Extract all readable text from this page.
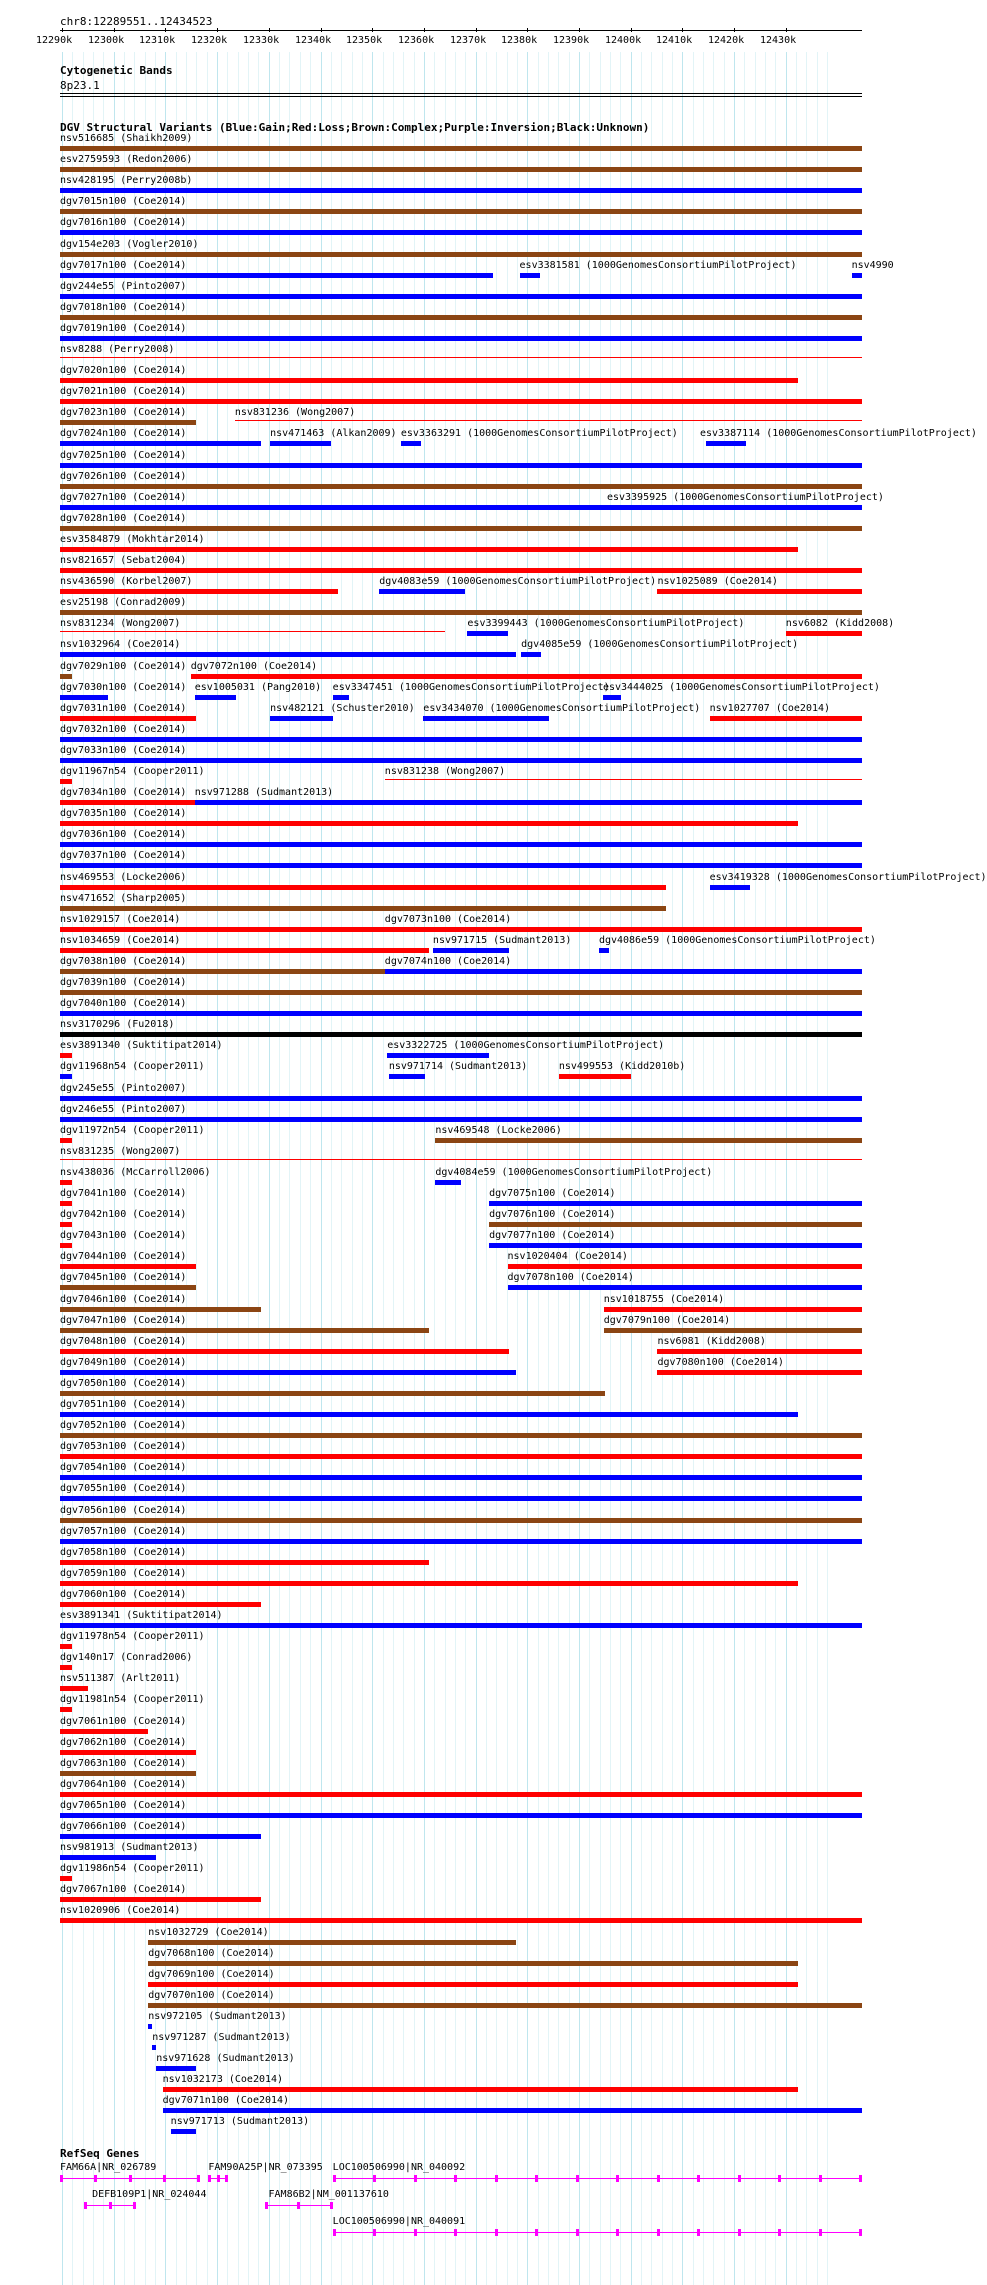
chr8:12289551..12434523
12290k 12300k 12310k 12320k 12330k 12340k 12350k 12360k 12370k 12380k 12390k 12400k 12410k 12420k 12430k
Cytogenetic Bands
8p23.1
DGV Structural Variants (Blue:Gain;Red:Loss;Brown:Complex;Purple:Inversion;Black:Unknown)
nsv516685 (Shaikh2009)
esv2759593 (Redon2006)
nsv428195 (Perry2008b)
dgv7015n100 (Coe2014)
dgv7016n100 (Coe2014)
dgv154e203 (Vogler2010)
dgv7017n100 (Coe2014)	esv3381581 (1000GenomesConsortiumPilotProject)	nsv4990
dgv244e55 (Pinto2007)
dgv7018n100 (Coe2014)
dgv7019n100 (Coe2014)
nsv8288 (Perry2008)
dgv7020n100 (Coe2014)
dgv7021n100 (Coe2014)
dgv7023n100 (Coe2014)	nsv831236 (Wong2007)
dgv7024n100 (Coe2014)	nsv471463 (Alkan2009) esv3363291 (1000GenomesConsortiumPilotProject) esv3387114 (1000GenomesConsortiumPilotProject)
dgv7025n100 (Coe2014)
dgv7026n100 (Coe2014)
dgv7027n100 (Coe2014)	esv3395925 (1000GenomesConsortiumPilotProject)
dgv7028n100 (Coe2014)
esv3584879 (Mokhtar2014)
nsv821657 (Sebat2004)
nsv436590 (Korbel2007)	dgv4083e59 (1000GenomesConsortiumPilotProject) nsv1025089 (Coe2014)
esv25198 (Conrad2009)
nsv831234 (Wong2007)	esv3399443 (1000GenomesConsortiumPilotProject)	nsv6082 (Kidd2008)
nsv1032964 (Coe2014)	dgv4085e59 (1000GenomesConsortiumPilotProject)
dgv7029n100 (Coe2014) dgv7072n100 (Coe2014)
dgv7030n100 (Coe2014) esv1005031 (Pang2010) esv3347451 (1000GenomesConsortiumPilotProject)
esv3444025 (1000GenomesConsortiumPilotProject)
dgv7031n100 (Coe2014)	nsv482121 (Schuster2010) esv3434070 (1000GenomesConsortiumPilotProject) nsv1027707 (Coe2014)
dgv7032n100 (Coe2014)
dgv7033n100 (Coe2014)
dgv11967n54 (Cooper2011)	nsv831238 (Wong2007)
dgv7034n100 (Coe2014) nsv971288 (Sudmant2013)
dgv7035n100 (Coe2014)
dgv7036n100 (Coe2014)
dgv7037n100 (Coe2014)
nsv469553 (Locke2006)	esv3419328 (1000GenomesConsortiumPilotProject)
nsv471652 (Sharp2005)
nsv1029157 (Coe2014)	dgv7073n100 (Coe2014)
nsv1034659 (Coe2014)	nsv971715 (Sudmant2013)	dgv4086e59 (1000GenomesConsortiumPilotProject)
dgv7038n100 (Coe2014)	dgv7074n100 (Coe2014)
dgv7039n100 (Coe2014)
dgv7040n100 (Coe2014)
nsv3170296 (Fu2018)
esv3891340 (Suktitipat2014)	esv3322725 (1000GenomesConsortiumPilotProject)
dgv11968n54 (Cooper2011)	nsv971714 (Sudmant2013)	nsv499553 (Kidd2010b)
dgv245e55 (Pinto2007)
dgv246e55 (Pinto2007)
dgv11972n54 (Cooper2011)	nsv469548 (Locke2006)
nsv831235 (Wong2007)
nsv438036 (McCarroll2006)	dgv4084e59 (1000GenomesConsortiumPilotProject)
dgv7041n100 (Coe2014)	dgv7075n100 (Coe2014)
dgv7042n100 (Coe2014)	dgv7076n100 (Coe2014)
dgv7043n100 (Coe2014)	dgv7077n100 (Coe2014)
dgv7044n100 (Coe2014)	nsv1020404 (Coe2014)
dgv7045n100 (Coe2014)	dgv7078n100 (Coe2014)
dgv7046n100 (Coe2014)	nsv1018755 (Coe2014)
dgv7047n100 (Coe2014)	dgv7079n100 (Coe2014)
dgv7048n100 (Coe2014)	nsv6081 (Kidd2008)
dgv7049n100 (Coe2014)	dgv7080n100 (Coe2014)
dgv7050n100 (Coe2014)
dgv7051n100 (Coe2014)
dgv7052n100 (Coe2014)
dgv7053n100 (Coe2014)
dgv7054n100 (Coe2014)
dgv7055n100 (Coe2014)
dgv7056n100 (Coe2014)
dgv7057n100 (Coe2014)
dgv7058n100 (Coe2014)
dgv7059n100 (Coe2014)
dgv7060n100 (Coe2014)
esv3891341 (Suktitipat2014)
dgv11978n54 (Cooper2011)
dgv140n17 (Conrad2006)
nsv511387 (Arlt2011)
dgv11981n54 (Cooper2011)
dgv7061n100 (Coe2014)
dgv7062n100 (Coe2014)
dgv7063n100 (Coe2014)
dgv7064n100 (Coe2014)
dgv7065n100 (Coe2014)
dgv7066n100 (Coe2014)
nsv981913 (Sudmant2013)
dgv11986n54 (Cooper2011)
dgv7067n100 (Coe2014)
nsv1020906 (Coe2014)
nsv1032729 (Coe2014)
dgv7068n100 (Coe2014)
dgv7069n100 (Coe2014)
dgv7070n100 (Coe2014)
nsv972105 (Sudmant2013)
nsv971287 (Sudmant2013)
nsv971628 (Sudmant2013)
nsv1032173 (Coe2014)
dgv7071n100 (Coe2014)
nsv971713 (Sudmant2013)
RefSeq Genes
FAM66A|NR_026789	FAM90A25P|NR_073395 LOC100506990|NR_040092
DEFB109P1|NR_024044	FAM86B2|NM_001137610
LOC100506990|NR_040091
